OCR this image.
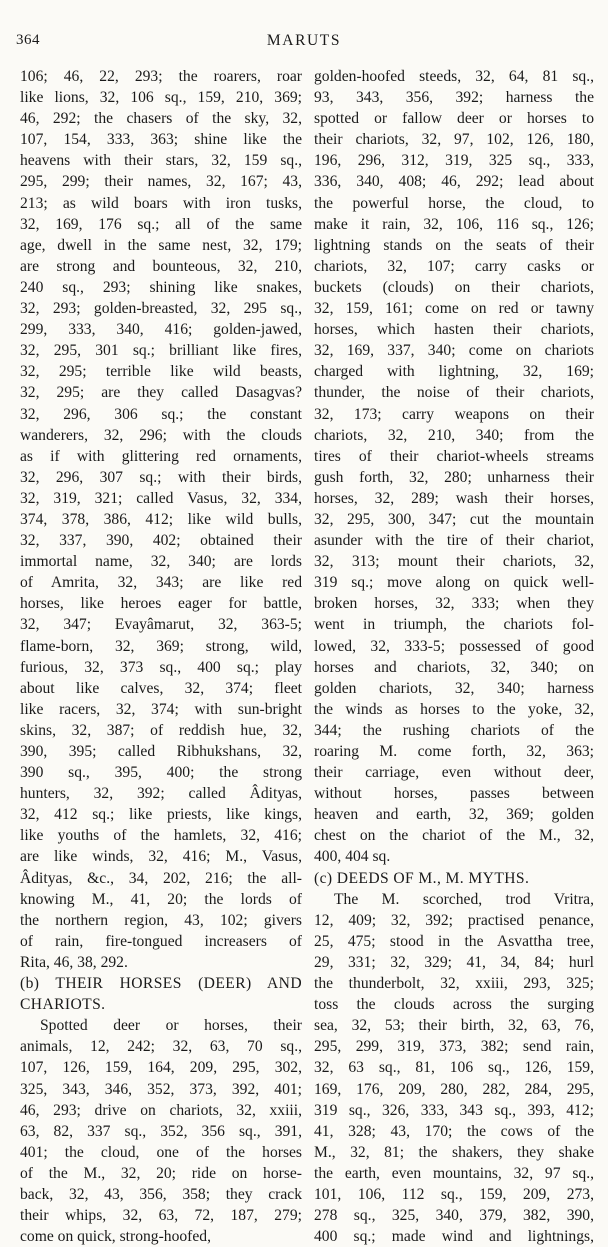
364	MARUTS
106; 46, 22, 293; the roarers, roar
like lions, 32, 106 sq., 159, 210, 369;
46, 292; the chasers of the sky, 32,
107, 154, 333, 363; shine like the
heavens with their stars, 32, 159 sq.,
295, 299; their names, 32, 167; 43,
213; as wild boars with iron tusks,
32, 169, 176 sq.; all of the same
age, dwell in the same nest, 32, 179;
are strong and bounteous, 32, 210,
240 sq., 293; shining like snakes,
32, 293; golden-breasted, 32, 295 sq.,
299, 333, 340, 416; golden-jawed,
32, 295, 301 sq.; brilliant like fires,
32, 295; terrible like wild beasts,
32, 295; are they called Dasagvas?
32, 296, 306 sq.; the constant
wanderers, 32, 296; with the clouds
as if with glittering red ornaments,
32, 296, 307 sq.; with their birds,
32, 319, 321; called Vasus, 32, 334,
374, 378, 386, 412; like wild bulls,
32, 337, 390, 402; obtained their
immortal name, 32, 340; are lords
of Amrita, 32, 343; are like red
horses, like heroes eager for battle,
32, 347; Evayâmarut, 32, 363-5;
flame-born, 32, 369; strong, wild,
furious, 32, 373 sq., 400 sq.; play
about like calves, 32, 374; fleet
like racers, 32, 374; with sun-bright
skins, 32, 387; of reddish hue, 32,
390, 395; called Ribhukshans, 32,
390 sq., 395, 400; the strong
hunters, 32, 392; called Âdityas,
32, 412 sq.; like priests, like kings,
like youths of the hamlets, 32, 416;
are like winds, 32, 416; M., Vasus,
Âdityas, &c., 34, 202, 216; the all-
knowing M., 41, 20; the lords of
the northern region, 43, 102; givers
of rain, fire-tongued increasers of
Rita, 46, 38, 292.
(b) THEIR HORSES (DEER) AND
CHARIOTS.
Spotted deer or horses, their
animals, 12, 242; 32, 63, 70 sq.,
107, 126, 159, 164, 209, 295, 302,
325, 343, 346, 352, 373, 392, 401;
46, 293; drive on chariots, 32, xxiii,
63, 82, 337 sq., 352, 356 sq., 391,
401; the cloud, one of the horses
of the M., 32, 20; ride on horse-
back, 32, 43, 356, 358; they crack
their whips, 32, 63, 72, 187, 279;
come on quick, strong-hoofed,
golden-hoofed steeds, 32, 64, 81 sq.,
93, 343, 356, 392; harness the
spotted or fallow deer or horses to
their chariots, 32, 97, 102, 126, 180,
196, 296, 312, 319, 325 sq., 333,
336, 340, 408; 46, 292; lead about
the powerful horse, the cloud, to
make it rain, 32, 106, 116 sq., 126;
lightning stands on the seats of their
chariots, 32, 107; carry casks or
buckets (clouds) on their chariots,
32, 159, 161; come on red or tawny
horses, which hasten their chariots,
32, 169, 337, 340; come on chariots
charged with lightning, 32, 169;
thunder, the noise of their chariots,
32, 173; carry weapons on their
chariots, 32, 210, 340; from the
tires of their chariot-wheels streams
gush forth, 32, 280; unharness their
horses, 32, 289; wash their horses,
32, 295, 300, 347; cut the mountain
asunder with the tire of their chariot,
32, 313; mount their chariots, 32,
319 sq.; move along on quick well-
broken horses, 32, 333; when they
went in triumph, the chariots fol-
lowed, 32, 333-5; possessed of good
horses and chariots, 32, 340; on
golden chariots, 32, 340; harness
the winds as horses to the yoke, 32,
344; the rushing chariots of the
roaring M. come forth, 32, 363;
their carriage, even without deer,
without horses, passes between
heaven and earth, 32, 369; golden
chest on the chariot of the M., 32,
400, 404 sq.
(c) DEEDS OF M., M. MYTHS.
The M. scorched, trod Vritra,
12, 409; 32, 392; practised penance,
25, 475; stood in the Asvattha tree,
29, 331; 32, 329; 41, 34, 84; hurl
the thunderbolt, 32, xxiii, 293, 325;
toss the clouds across the surging
sea, 32, 53; their birth, 32, 63, 76,
295, 299, 319, 373, 382; send rain,
32, 63 sq., 81, 106 sq., 126, 159,
169, 176, 209, 280, 282, 284, 295,
319 sq., 326, 333, 343 sq., 393, 412;
41, 328; 43, 170; the cows of the
M., 32, 81; the shakers, they shake
the earth, even mountains, 32, 97 sq.,
101, 106, 112 sq., 159, 209, 273,
278 sq., 325, 340, 379, 382, 390,
400 sq.; made wind and lightnings,
